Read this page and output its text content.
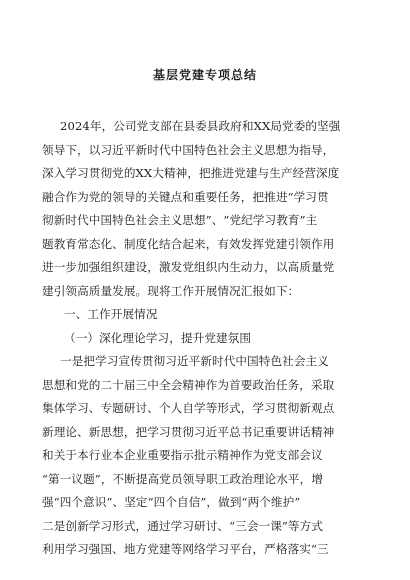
基层党建专项总结
2024年，公司党支部在县委县政府和XX局党委的坚强
领导下，以习近平新时代中国特色社会主义思想为指导，
深入学习贯彻党的XX大精神，把推进党建与生产经营深度
融合作为党的领导的关键点和重要任务，把推进“学习贯
彻新时代中国特色社会主义思想”、“党纪学习教育”主
题教育常态化、制度化结合起来，有效发挥党建引领作用
进一步加强组织建设，激发党组织内生动力，以高质量党
建引领高质量发展。现将工作开展情况汇报如下：
一、工作开展情况
（一）深化理论学习，提升党建氛围
一是把学习宣传贯彻习近平新时代中国特色社会主义
思想和党的二十届三中全会精神作为首要政治任务，采取
集体学习、专题研讨、个人自学等形式，学习贯彻新观点
新理论、新思想，把学习贯彻习近平总书记重要讲话精神
和关于本行业本企业重要指示批示精神作为党支部会议
“第一议题”，不断提高党员领导职工政治理论水平，增
强“四个意识”、坚定“四个自信”，做到“两个维护”
二是创新学习形式，通过学习研讨、“三会一课”等方式
利用学习强国、地方党建等网络学习平台，严格落实“三
